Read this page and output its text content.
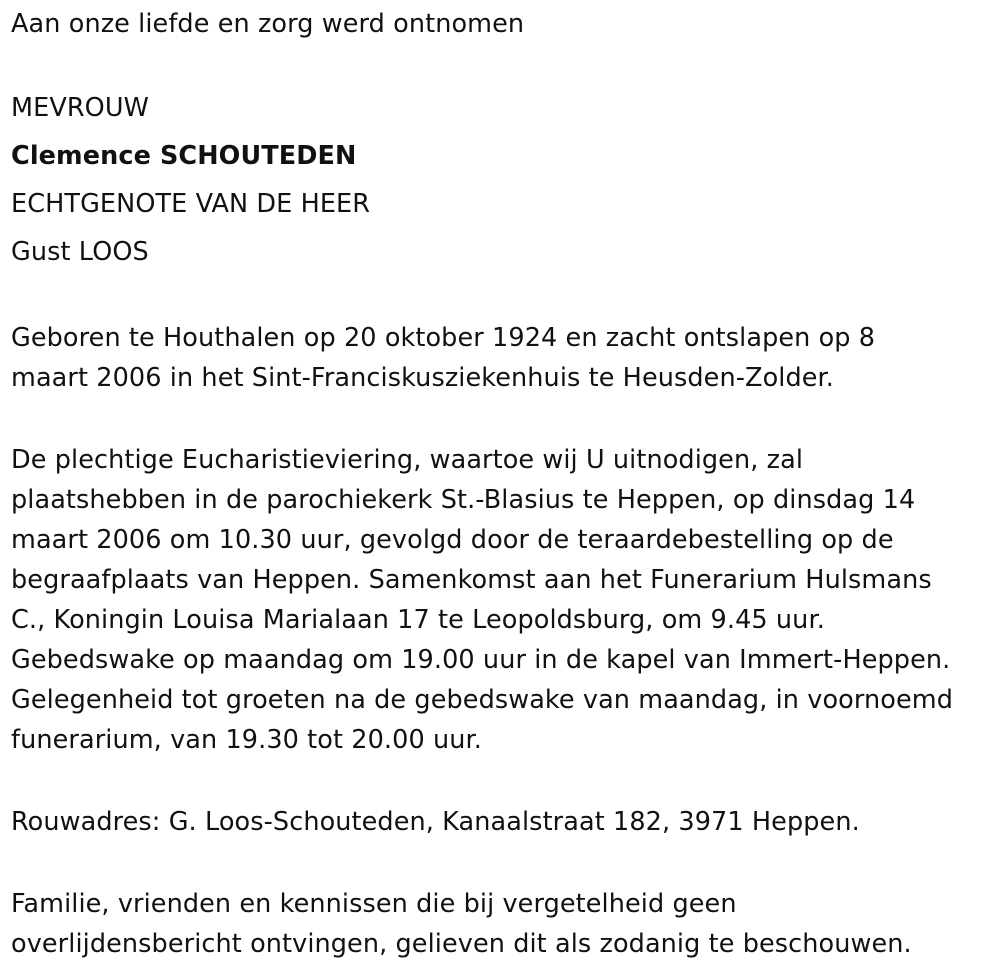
Aan onze liefde en zorg werd ontnomen
MEVROUW
Clemence SCHOUTEDEN
ECHTGENOTE VAN DE HEER
Gust LOOS
Geboren te Houthalen op 20 oktober 1924 en zacht ontslapen op 8
maart 2006 in het Sint-Franciskusziekenhuis te Heusden-Zolder.
De plechtige Eucharistieviering, waartoe wij U uitnodigen, zal
plaatshebben in de parochiekerk St.-Blasius te Heppen, op dinsdag 14
maart 2006 om 10.30 uur, gevolgd door de teraardebestelling op de
begraafplaats van Heppen. Samenkomst aan het Funerarium Hulsmans
C., Koningin Louisa Marialaan 17 te Leopoldsburg, om 9.45 uur.
Gebedswake op maandag om 19.00 uur in de kapel van Immert-Heppen.
Gelegenheid tot groeten na de gebedswake van maandag, in voornoemd
funerarium, van 19.30 tot 20.00 uur.
Rouwadres: G. Loos-Schouteden, Kanaalstraat 182, 3971 Heppen.
Familie, vrienden en kennissen die bij vergetelheid geen
overlijdensbericht ontvingen, gelieven dit als zodanig te beschouwen.
